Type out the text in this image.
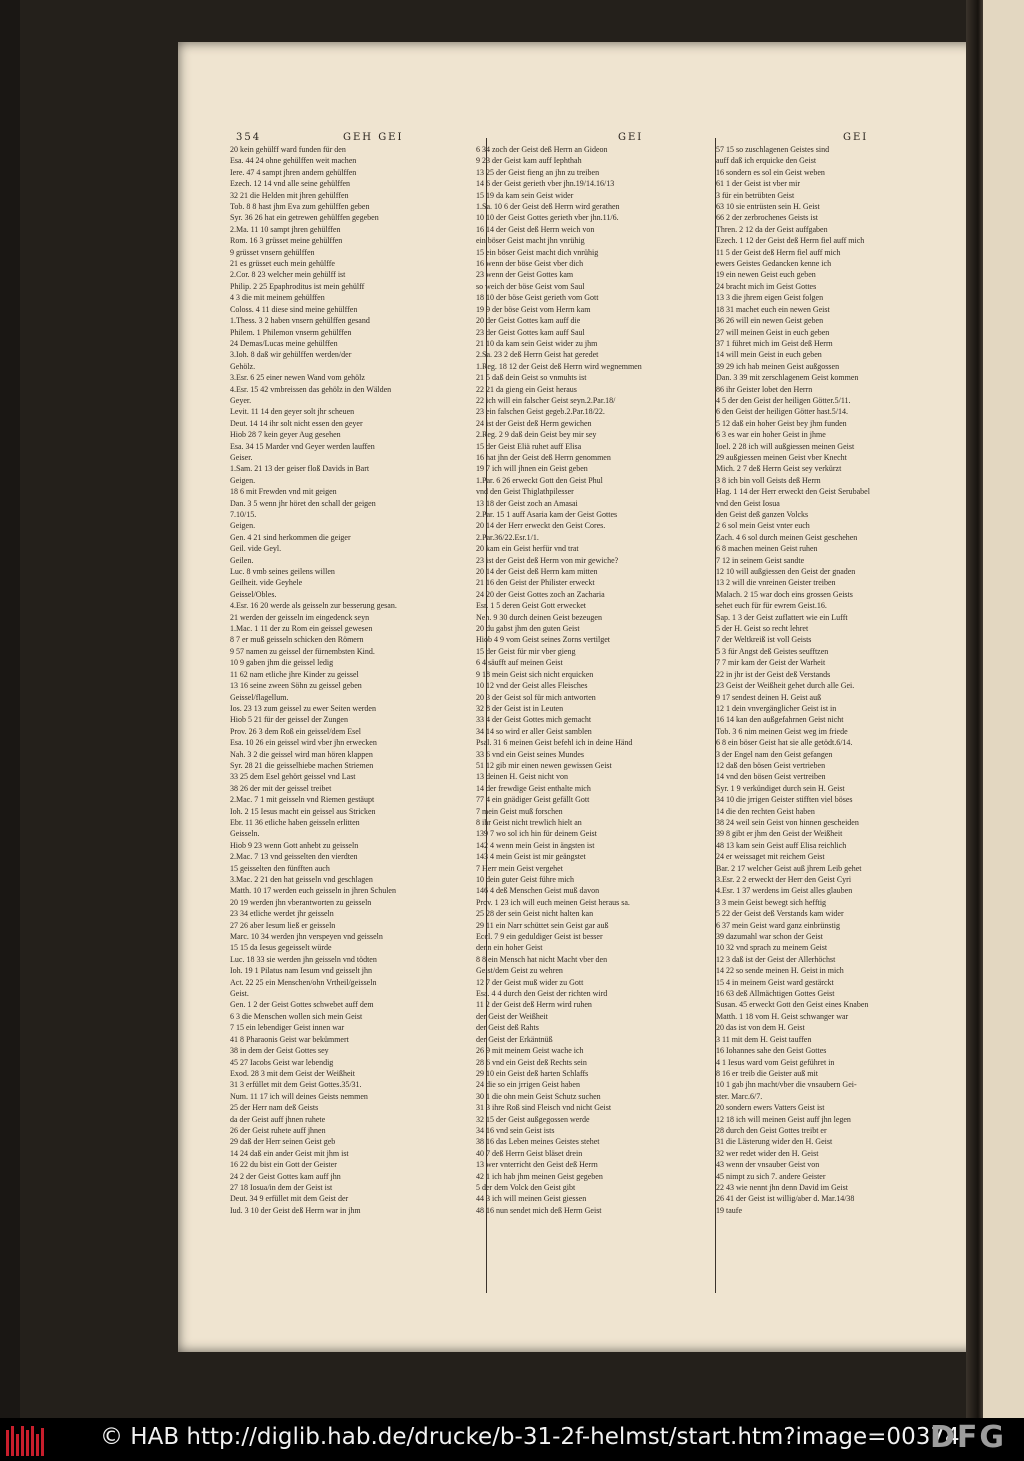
354	GEH GEI	GEI	GEI
20 kein gehülff ward funden für den
Esa. 44 24 ohne gehülffen weit machen
Iere. 47 4 sampt jhren andern gehülffen
Ezech. 12 14 vnd alle seine gehülffen
32 21 die Helden mit jhren gehülffen
Tob. 8 8 hast jhm Eva zum gehülffen geben
Syr. 36 26 hat ein getrewen gehülffen gegeben
2.Ma. 11 10 sampt jhren gehülffen
Rom. 16 3 grüsset meine gehülffen
9 grüsset vnsern gehülffen
21 es grüsset euch mein gehülffe
2.Cor. 8 23 welcher mein gehülff ist
Philip. 2 25 Epaphroditus ist mein gehülff
4 3 die mit meinem gehülffen
Coloss. 4 11 diese sind meine gehülffen
1.Thess. 3 2 haben vnsern gehülffen gesand
Philem. 1 Philemon vnserm gehülffen
24 Demas/Lucas meine gehülffen
3.Ioh. 8 daß wir gehülffen werden/der
Gehölz.
3.Esr. 6 25 einer newen Wand vom gehölz
4.Esr. 15 42 vmbreissen das gehölz in den Wälden
Geyer.
Levit. 11 14 den geyer solt jhr scheuen
Deut. 14 14 ihr solt nicht essen den geyer
Hiob 28 7 kein geyer Aug gesehen
Esa. 34 15 Marder vnd Geyer werden lauffen
Geiser.
1.Sam. 21 13 der geiser floß Davids in Bart
Geigen.
18 6 mit Frewden vnd mit geigen
Dan. 3 5 wenn jhr höret den schall der geigen
7.10/15.
Geigen.
Gen. 4 21 sind herkommen die geiger
Geil. vide Geyl.
Geilen.
Luc. 8 vmb seines geilens willen
Geilheit. vide Geyhele
Geissel/Obles.
4.Esr. 16 20 werde als geisseln zur besserung gesan.
21 werden der geisseln im eingedenck seyn
1.Mac. 1 11 der zu Rom ein geissel gewesen
8 7 er muß geisseln schicken den Römern
9 57 namen zu geissel der fürnembsten Kind.
10 9 gaben jhm die geissel ledig
11 62 nam etliche jhre Kinder zu geissel
13 16 seine zween Söhn zu geissel geben
Geissel/flagellum.
Ios. 23 13 zum geissel zu ewer Seiten werden
Hiob 5 21 für der geissel der Zungen
Prov. 26 3 dem Roß ein geissel/dem Esel
Esa. 10 26 ein geissel wird vber jhn erwecken
Nah. 3 2 die geissel wird man hören klappen
Syr. 28 21 die geisselhiebe machen Striemen
33 25 dem Esel gehört geissel vnd Last
38 26 der mit der geissel treibet
2.Mac. 7 1 mit geisseln vnd Riemen gestäupt
Ioh. 2 15 Iesus macht ein geissel aus Stricken
Ebr. 11 36 etliche haben geisseln erlitten
Geisseln.
Hiob 9 23 wenn Gott anhebt zu geisseln
2.Mac. 7 13 vnd geisselten den vierdten
15 geisselten den fünfften auch
3.Mac. 2 21 den hat geisseln vnd geschlagen
Matth. 10 17 werden euch geisseln in jhren Schulen
20 19 werden jhn vberantworten zu geisseln
23 34 etliche werdet jhr geisseln
27 26 aber Iesum ließ er geisseln
Marc. 10 34 werden jhn verspeyen vnd geisseln
15 15 da Iesus gegeisselt würde
Luc. 18 33 sie werden jhn geisseln vnd tödten
Ioh. 19 1 Pilatus nam Iesum vnd geisselt jhn
Act. 22 25 ein Menschen/ohn Vrtheil/geisseln
Geist.
Gen. 1 2 der Geist Gottes schwebet auff dem
6 3 die Menschen wollen sich mein Geist
7 15 ein lebendiger Geist innen war
41 8 Pharaonis Geist war bekümmert
38 in dem der Geist Gottes sey
45 27 Iacobs Geist war lebendig
Exod. 28 3 mit dem Geist der Weißheit
31 3 erfüllet mit dem Geist Gottes.35/31.
Num. 11 17 ich will deines Geists nemmen
25 der Herr nam deß Geists
da der Geist auff jhnen ruhete
26 der Geist ruhete auff jhnen
29 daß der Herr seinen Geist geb
14 24 daß ein ander Geist mit jhm ist
16 22 du bist ein Gott der Geister
24 2 der Geist Gottes kam auff jhn
27 18 Iosua/in dem der Geist ist
Deut. 34 9 erfüllet mit dem Geist der
Iud. 3 10 der Geist deß Herrn war in jhm
6 34 zoch der Geist deß Herrn an Gideon
9 23 der Geist kam auff Iephthah
13 25 der Geist fieng an jhn zu treiben
14 6 der Geist gerieth vber jhn.19/14.16/13
15 19 da kam sein Geist wider
1.Sa. 10 6 der Geist deß Herrn wird gerathen
10 10 der Geist Gottes gerieth vber jhn.11/6.
16 14 der Geist deß Herrn weich von
ein böser Geist macht jhn vnrühig
15 ein böser Geist macht dich vnrühig
16 wenn der böse Geist vber dich
23 wenn der Geist Gottes kam
so weich der böse Geist vom Saul
18 10 der böse Geist gerieth vom Gott
19 9 der böse Geist vom Herrn kam
20 der Geist Gottes kam auff die
23 der Geist Gottes kam auff Saul
21 10 da kam sein Geist wider zu jhm
2.Sa. 23 2 deß Herrn Geist hat geredet
1.Reg. 18 12 der Geist deß Herrn wird wegnemmen
21 5 daß dein Geist so vnmuhts ist
22 21 da gieng ein Geist heraus
22 ich will ein falscher Geist seyn.2.Par.18/
23 ein falschen Geist gegeb.2.Par.18/22.
24 ist der Geist deß Herrn gewichen
2.Reg. 2 9 daß dein Geist bey mir sey
15 der Geist Eliä ruhet auff Elisa
16 hat jhn der Geist deß Herrn genommen
19 7 ich will jhnen ein Geist geben
1.Par. 6 26 erweckt Gott den Geist Phul
vnd den Geist Thiglathpilesser
13 18 der Geist zoch an Amasai
2.Par. 15 1 auff Asaria kam der Geist Gottes
20 14 der Herr erweckt den Geist Cores.
2.Par.36/22.Esr.1/1.
20 kam ein Geist herfür vnd trat
23 ist der Geist deß Herrn von mir gewiche?
20 14 der Geist deß Herrn kam mitten
21 16 den Geist der Philister erweckt
24 20 der Geist Gottes zoch an Zacharia
Esr. 1 5 deren Geist Gott erwecket
Neh. 9 30 durch deinen Geist bezeugen
20 du gabst jhm den guten Geist
Hiob 4 9 vom Geist seines Zorns vertilget
15 der Geist für mir vber gieng
6 4 säufft auf meinen Geist
9 18 mein Geist sich nicht erquicken
10 12 vnd der Geist alles Fleisches
20 3 der Geist sol für mich antworten
32 8 der Geist ist in Leuten
33 4 der Geist Gottes mich gemacht
34 14 so wird er aller Geist samblen
Psal. 31 6 meinen Geist befehl ich in deine Händ
33 6 vnd ein Geist seines Mundes
51 12 gib mir einen newen gewissen Geist
13 deinen H. Geist nicht von
14 der frewdige Geist enthalte mich
77 4 ein gnädiger Geist gefällt Gott
7 mein Geist muß forschen
8 ihr Geist nicht trewlich hielt an
139 7 wo sol ich hin für deinem Geist
142 4 wenn mein Geist in ängsten ist
143 4 mein Geist ist mir geängstet
7 Herr mein Geist vergehet
10 dein guter Geist führe mich
146 4 deß Menschen Geist muß davon
Prov. 1 23 ich will euch meinen Geist heraus sa.
25 28 der sein Geist nicht halten kan
29 11 ein Narr schüttet sein Geist gar auß
Eccl. 7 9 ein geduldiger Geist ist besser
denn ein hoher Geist
8 8 ein Mensch hat nicht Macht vber den
Geist/dem Geist zu wehren
12 7 der Geist muß wider zu Gott
Esa. 4 4 durch den Geist der richten wird
11 2 der Geist deß Herrn wird ruhen
der Geist der Weißheit
der Geist deß Rahts
der Geist der Erkäntnüß
26 9 mit meinem Geist wache ich
28 6 vnd ein Geist deß Rechts sein
29 10 ein Geist deß harten Schlaffs
24 die so ein jrrigen Geist haben
30 1 die ohn mein Geist Schutz suchen
31 3 ihre Roß sind Fleisch vnd nicht Geist
32 15 der Geist außgegossen werde
34 16 vnd sein Geist ists
38 16 das Leben meines Geistes stehet
40 7 deß Herrn Geist bläset drein
13 wer vnterricht den Geist deß Herrn
42 1 ich hab jhm meinen Geist gegeben
5 der dem Volck den Geist gibt
44 3 ich will meinen Geist giessen
48 16 nun sendet mich deß Herrn Geist
57 15 so zuschlagenen Geistes sind
auff daß ich erquicke den Geist
16 sondern es sol ein Geist weben
61 1 der Geist ist vber mir
3 für ein betrübten Geist
63 10 sie entrüsten sein H. Geist
66 2 der zerbrochenes Geists ist
Thren. 2 12 da der Geist auffgaben
Ezech. 1 12 der Geist deß Herrn fiel auff mich
11 5 der Geist deß Herrn fiel auff mich
ewers Geistes Gedancken kenne ich
19 ein newen Geist euch geben
24 bracht mich im Geist Gottes
13 3 die jhrem eigen Geist folgen
18 31 machet euch ein newen Geist
36 26 will ein newen Geist geben
27 will meinen Geist in euch geben
37 1 führet mich im Geist deß Herrn
14 will mein Geist in euch geben
39 29 ich hab meinen Geist außgossen
Dan. 3 39 mit zerschlagenem Geist kommen
86 ihr Geister lobet den Herrn
4 5 der den Geist der heiligen Götter.5/11.
6 den Geist der heiligen Götter hast.5/14.
5 12 daß ein hoher Geist bey jhm funden
6 3 es war ein hoher Geist in jhme
Ioel. 2 28 ich will außgiessen meinen Geist
29 außgiessen meinen Geist vber Knecht
Mich. 2 7 deß Herrn Geist sey verkürzt
3 8 ich bin voll Geists deß Herrn
Hag. 1 14 der Herr erweckt den Geist Serubabel
vnd den Geist Iosua
den Geist deß ganzen Volcks
2 6 sol mein Geist vnter euch
Zach. 4 6 sol durch meinen Geist geschehen
6 8 machen meinen Geist ruhen
7 12 in seinem Geist sandte
12 10 will außgiessen den Geist der gnaden
13 2 will die vnreinen Geister treiben
Malach. 2 15 war doch eins grossen Geists
sehet euch für für ewrem Geist.16.
Sap. 1 3 der Geist zuflattert wie ein Lufft
5 der H. Geist so recht lehret
7 der Weltkreiß ist voll Geists
5 3 für Angst deß Geistes seufftzen
7 7 mir kam der Geist der Warheit
22 in jhr ist der Geist deß Verstands
23 Geist der Weißheit gehet durch alle Gei.
9 17 sendest deinen H. Geist auß
12 1 dein vnvergänglicher Geist ist in
16 14 kan den außgefahrnen Geist nicht
Tob. 3 6 nim meinen Geist weg im friede
6 8 ein böser Geist hat sie alle getödt.6/14.
3 der Engel nam den Geist gefangen
12 daß den bösen Geist vertrieben
14 vnd den bösen Geist vertreiben
Syr. 1 9 verkündiget durch sein H. Geist
34 10 die jrrigen Geister stifften viel böses
14 die den rechten Geist haben
38 24 weil sein Geist von hinnen gescheiden
39 8 gibt er jhm den Geist der Weißheit
48 13 kam sein Geist auff Elisa reichlich
24 er weissaget mit reichem Geist
Bar. 2 17 welcher Geist auß jhrem Leib gehet
3.Esr. 2 2 erweckt der Herr den Geist Cyri
4.Esr. 1 37 werdens im Geist alles glauben
3 3 mein Geist bewegt sich hefftig
5 22 der Geist deß Verstands kam wider
6 37 mein Geist ward ganz einbrünstig
39 dazumahl war schon der Geist
10 32 vnd sprach zu meinem Geist
12 3 daß ist der Geist der Allerhöchst
14 22 so sende meinen H. Geist in mich
15 4 in meinem Geist ward gestärckt
16 63 deß Allmächtigen Gottes Geist
Susan. 45 erweckt Gott den Geist eines Knaben
Matth. 1 18 vom H. Geist schwanger war
20 das ist von dem H. Geist
3 11 mit dem H. Geist tauffen
16 Iohannes sahe den Geist Gottes
4 1 Iesus ward vom Geist geführet in
8 16 er treib die Geister auß mit
10 1 gab jhn macht/vber die vnsaubern Gei-
ster. Marc.6/7.
20 sondern ewers Vatters Geist ist
12 18 ich will meinen Geist auff jhn legen
28 durch den Geist Gottes treibt er
31 die Lästerung wider den H. Geist
32 wer redet wider den H. Geist
43 wenn der vnsauber Geist von
45 nimpt zu sich 7. andere Geister
22 43 wie nennt jhn denn David im Geist
26 41 der Geist ist willig/aber d. Mar.14/38
19 taufe
© HAB http://diglib.hab.de/drucke/b-31-2f-helmst/start.htm?image=00374
DFG
